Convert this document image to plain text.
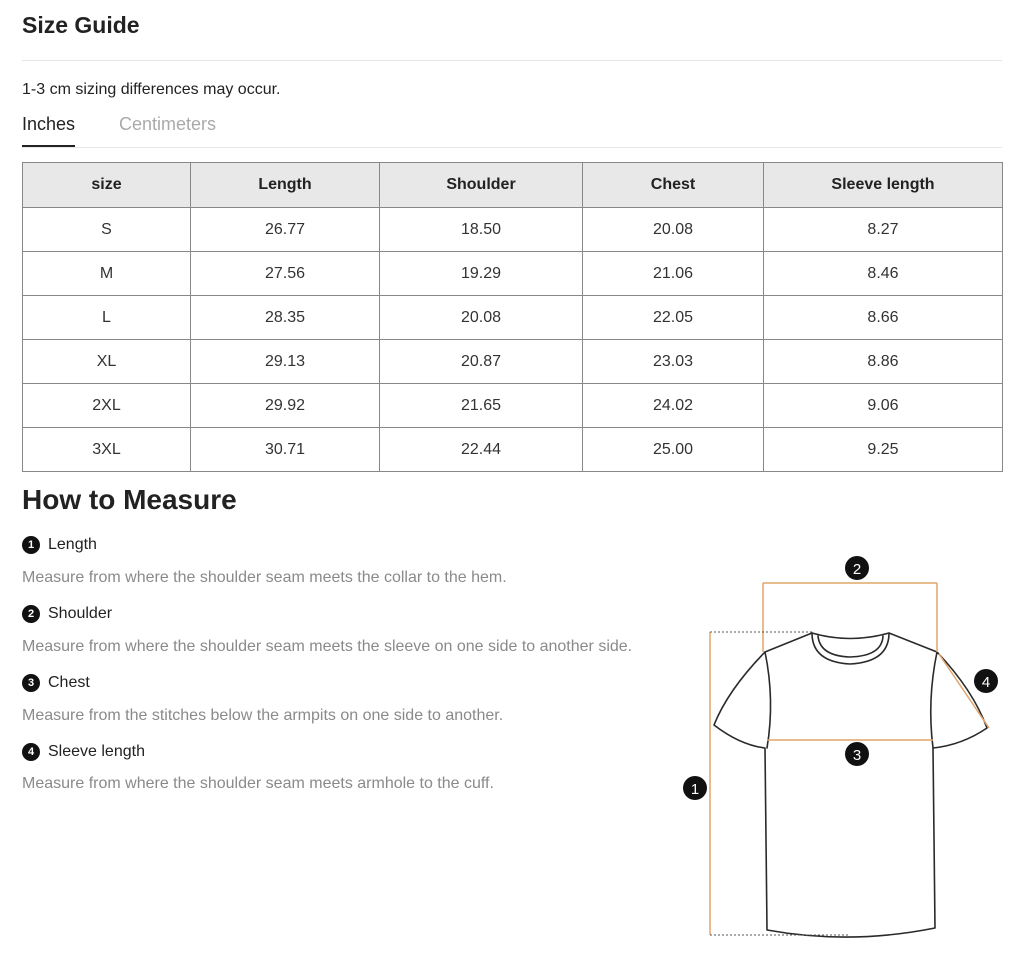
Size Guide
1-3 cm sizing differences may occur.
Inches Centimeters
size	Length	Shoulder	Chest	Sleeve length
S	26.77	18.50	20.08	8.27
M	27.56	19.29	21.06	8.46
L	28.35	20.08	22.05	8.66
XL	29.13	20.87	23.03	8.86
2XL	29.92	21.65	24.02	9.06
3XL	30.71	22.44	25.00	9.25
How to Measure
1 Length
Measure from where the shoulder seam meets the collar to the hem.
2 Shoulder
Measure from where the shoulder seam meets the sleeve on one side to another side.
3 Chest
Measure from the stitches below the armpits on one side to another.
4 Sleeve length
Measure from where the shoulder seam meets armhole to the cuff.	1
2
3
4
